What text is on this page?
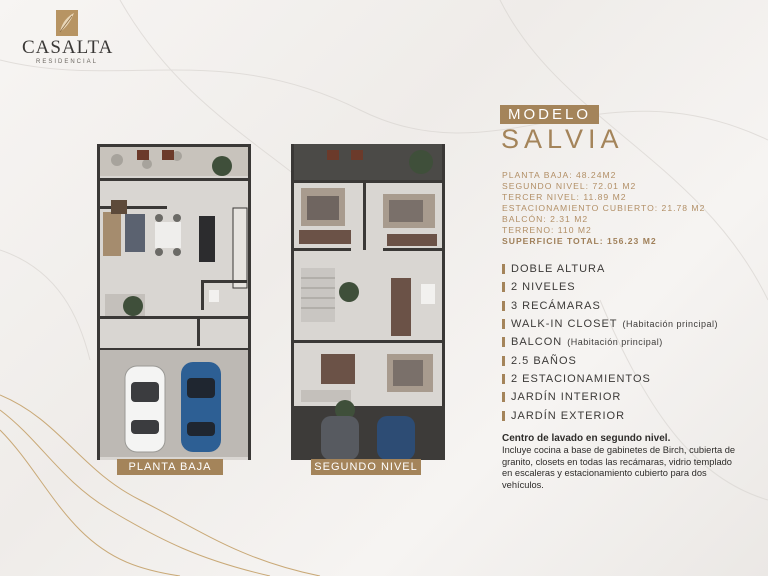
CASALTA
RESIDENCIAL
PLANTA BAJA	SEGUNDO NIVEL
MODELO
SALVIA
PLANTA BAJA: 48.24M2
SEGUNDO NIVEL: 72.01 M2
TERCER NIVEL: 11.89 M2
ESTACIONAMIENTO CUBIERTO: 21.78 M2
BALCÓN: 2.31 M2
TERRENO: 110 M2
SUPERFICIE TOTAL: 156.23 M2
DOBLE ALTURA
2 NIVELES
3 RECÁMARAS
WALK-IN CLOSET (Habitación principal)
BALCON (Habitación principal)
2.5 BAÑOS
2 ESTACIONAMIENTOS
JARDÍN INTERIOR
JARDÍN EXTERIOR
Centro de lavado en segundo nivel.
Incluye cocina a base de gabinetes de Birch, cubierta de granito, closets en todas las recámaras, vidrio templado en escaleras y estacionamiento cubierto para dos vehículos.
